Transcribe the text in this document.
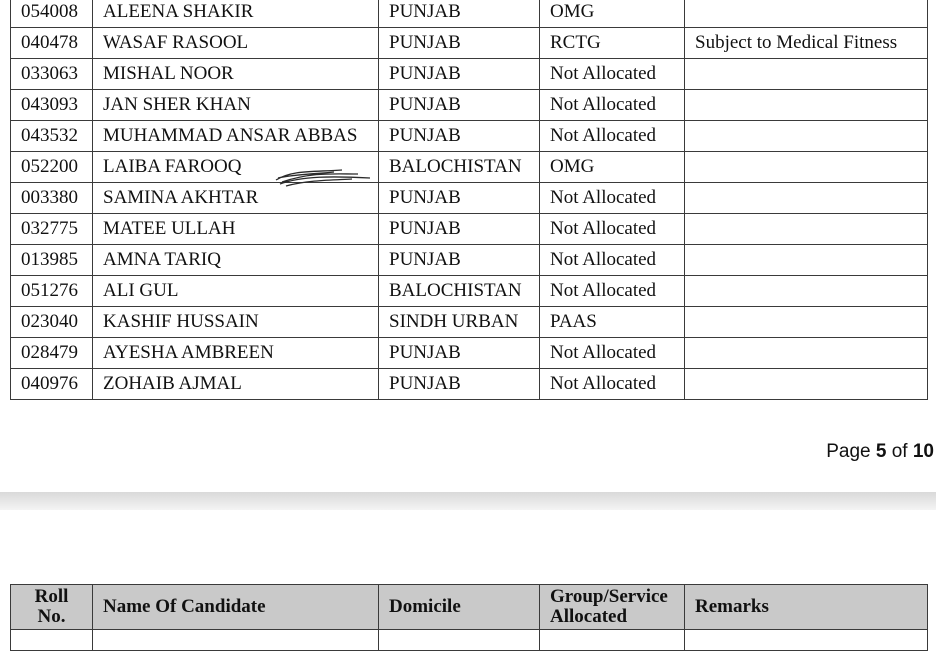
054008	ALEENA SHAKIR	PUNJAB	OMG	
040478	WASAF RASOOL	PUNJAB	RCTG	Subject to Medical Fitness
033063	MISHAL NOOR	PUNJAB	Not Allocated	
043093	JAN SHER KHAN	PUNJAB	Not Allocated	
043532	MUHAMMAD ANSAR ABBAS	PUNJAB	Not Allocated	
052200	LAIBA FAROOQ	BALOCHISTAN	OMG	
003380	SAMINA AKHTAR	PUNJAB	Not Allocated	
032775	MATEE ULLAH	PUNJAB	Not Allocated	
013985	AMNA TARIQ	PUNJAB	Not Allocated	
051276	ALI GUL	BALOCHISTAN	Not Allocated	
023040	KASHIF HUSSAIN	SINDH URBAN	PAAS	
028479	AYESHA AMBREEN	PUNJAB	Not Allocated	
040976	ZOHAIB AJMAL	PUNJAB	Not Allocated	
Page 5 of 10
Roll No.	Name Of Candidate	Domicile	Group/Service Allocated	Remarks
